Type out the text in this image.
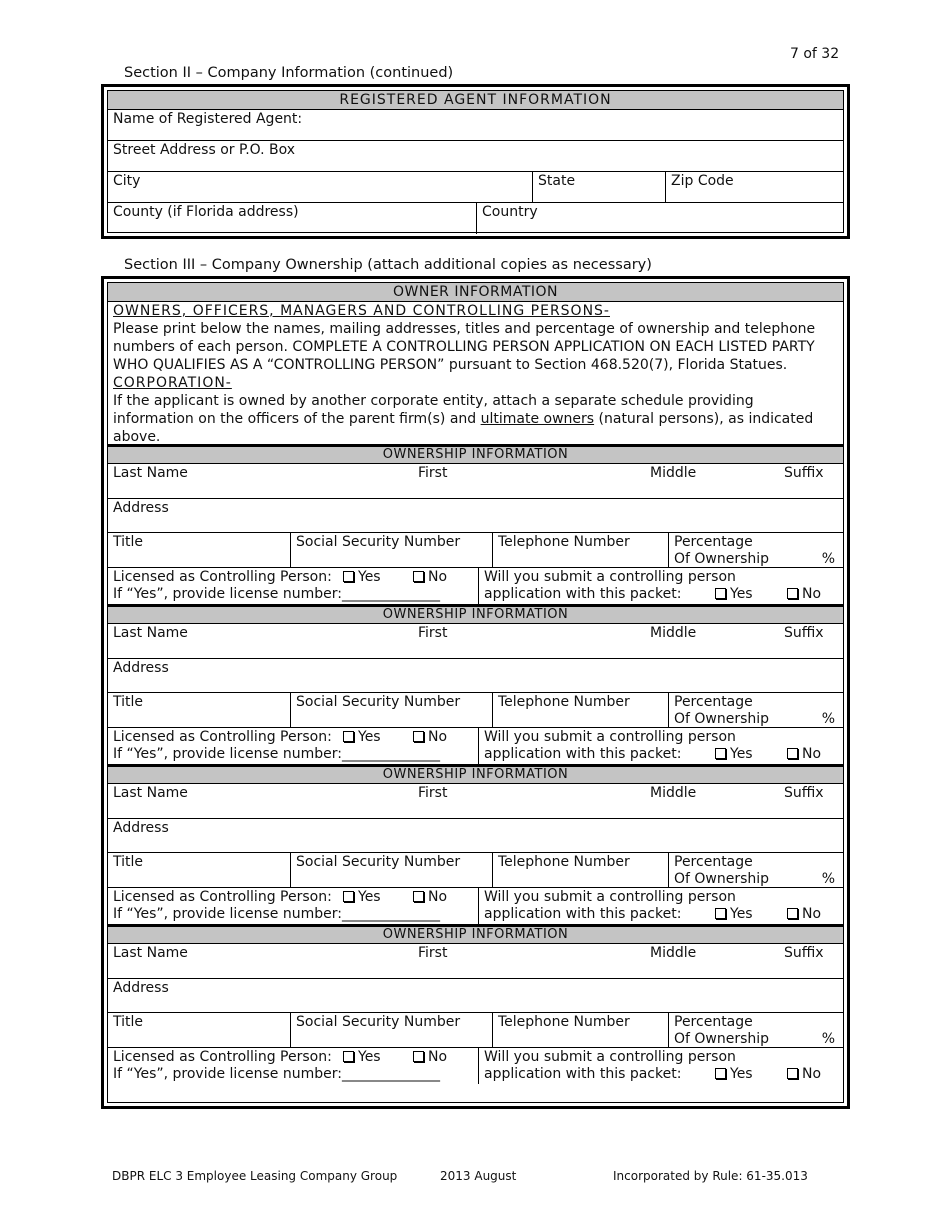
7 of 32
Section II – Company Information (continued)
REGISTERED AGENT INFORMATION
Name of Registered Agent:
Street Address or P.O. Box
City	State	Zip Code
County (if Florida address)	Country
Section III – Company Ownership (attach additional copies as necessary)
OWNER INFORMATION
OWNERS, OFFICERS, MANAGERS AND CONTROLLING PERSONS-
Please print below the names, mailing addresses, titles and percentage of ownership and telephone numbers of each person. COMPLETE A CONTROLLING PERSON APPLICATION ON EACH LISTED PARTY WHO QUALIFIES AS A “CONTROLLING PERSON” pursuant to Section 468.520(7), Florida Statues.
CORPORATION-
If the applicant is owned by another corporate entity, attach a separate schedule providing information on the officers of the parent firm(s) and ultimate owners (natural persons), as indicated above.
OWNERSHIP INFORMATION
Last Name	First	Middle	Suffix
Address
Title	Social Security Number	Telephone Number	Percentage
Of Ownership	%
Licensed as Controlling Person:	Yes	No
If “Yes”, provide license number:______________
Will you submit a controlling person
application with this packet:	Yes	No
OWNERSHIP INFORMATION
Last Name	First	Middle	Suffix
Address
Title	Social Security Number	Telephone Number	Percentage
Of Ownership	%
Licensed as Controlling Person:	Yes	No
If “Yes”, provide license number:______________
Will you submit a controlling person
application with this packet:	Yes	No
OWNERSHIP INFORMATION
Last Name	First	Middle	Suffix
Address
Title	Social Security Number	Telephone Number	Percentage
Of Ownership	%
Licensed as Controlling Person:	Yes	No
If “Yes”, provide license number:______________
Will you submit a controlling person
application with this packet:	Yes	No
OWNERSHIP INFORMATION
Last Name	First	Middle	Suffix
Address
Title	Social Security Number	Telephone Number	Percentage
Of Ownership	%
Licensed as Controlling Person:	Yes	No
If “Yes”, provide license number:______________
Will you submit a controlling person
application with this packet:	Yes	No
DBPR ELC 3 Employee Leasing Company Group	2013 August	Incorporated by Rule: 61-35.013
